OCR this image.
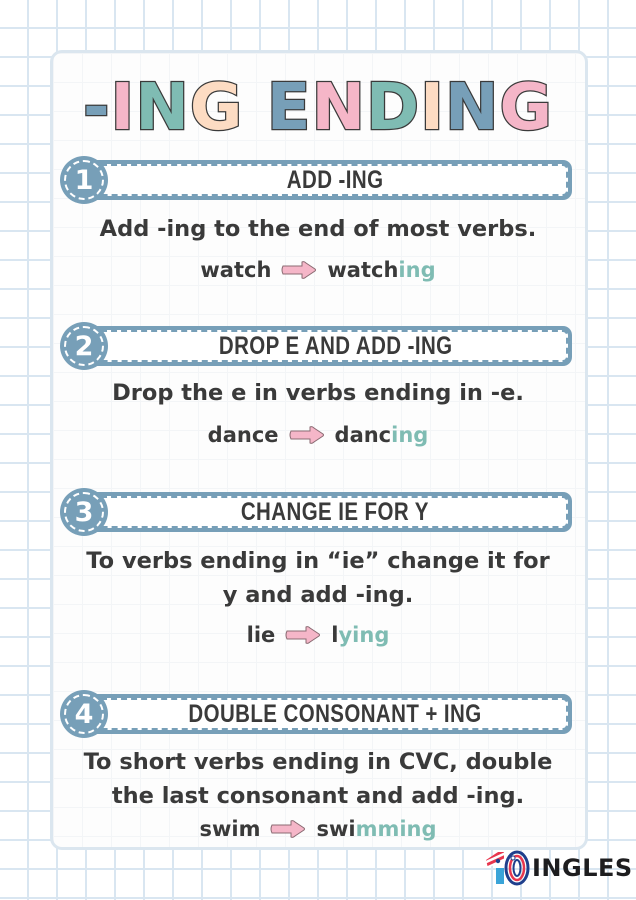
-ING ENDING
ADD -ING
1
Add -ing to the end of most verbs.
watch	watching
DROP E AND ADD -ING
2
Drop the e in verbs ending in -e.
dance	dancing
CHANGE IE FOR Y
3
To verbs ending in “ie” change it for
y and add -ing.
lie	lying
DOUBLE CONSONANT + ING
4
To short verbs ending in CVC, double
the last consonant and add -ing.
swim	swimming
INGLES
